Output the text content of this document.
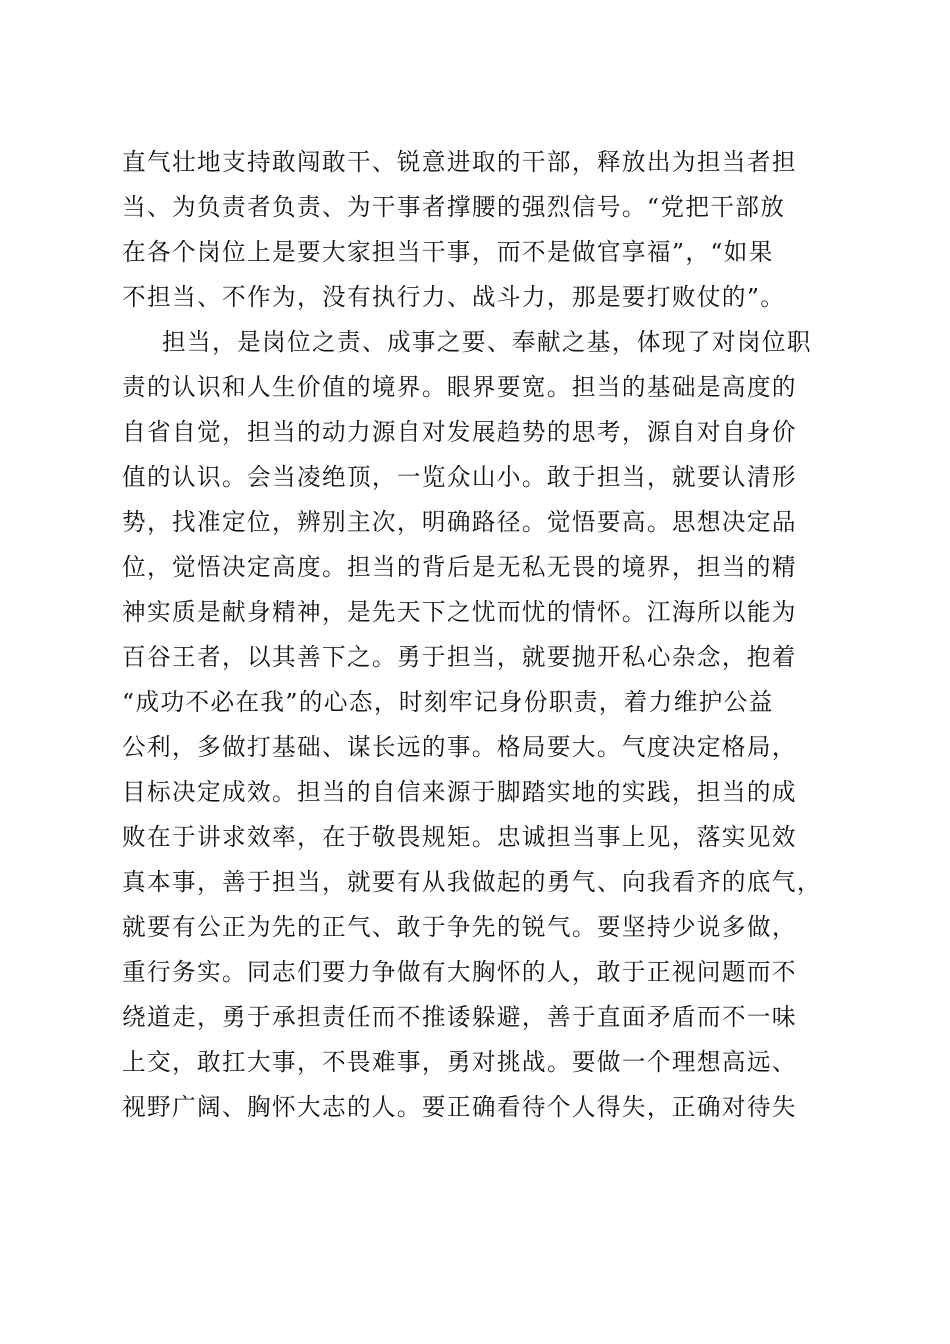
直气壮地支持敢闯敢干、锐意进取的干部，释放出为担当者担
当、为负责者负责、为干事者撑腰的强烈信号。“党把干部放
在各个岗位上是要大家担当干事，而不是做官享福”，“如果
不担当、不作为，没有执行力、战斗力，那是要打败仗的”。
担当，是岗位之责、成事之要、奉献之基，体现了对岗位职
责的认识和人生价值的境界。眼界要宽。担当的基础是高度的
自省自觉，担当的动力源自对发展趋势的思考，源自对自身价
值的认识。会当凌绝顶，一览众山小。敢于担当，就要认清形
势，找准定位，辨别主次，明确路径。觉悟要高。思想决定品
位，觉悟决定高度。担当的背后是无私无畏的境界，担当的精
神实质是献身精神，是先天下之忧而忧的情怀。江海所以能为
百谷王者，以其善下之。勇于担当，就要抛开私心杂念，抱着
“成功不必在我”的心态，时刻牢记身份职责，着力维护公益
公利，多做打基础、谋长远的事。格局要大。气度决定格局，
目标决定成效。担当的自信来源于脚踏实地的实践，担当的成
败在于讲求效率，在于敬畏规矩。忠诚担当事上见，落实见效
真本事，善于担当，就要有从我做起的勇气、向我看齐的底气，
就要有公正为先的正气、敢于争先的锐气。要坚持少说多做，
重行务实。同志们要力争做有大胸怀的人，敢于正视问题而不
绕道走，勇于承担责任而不推诿躲避，善于直面矛盾而不一味
上交，敢扛大事，不畏难事，勇对挑战。要做一个理想高远、
视野广阔、胸怀大志的人。要正确看待个人得失，正确对待失
